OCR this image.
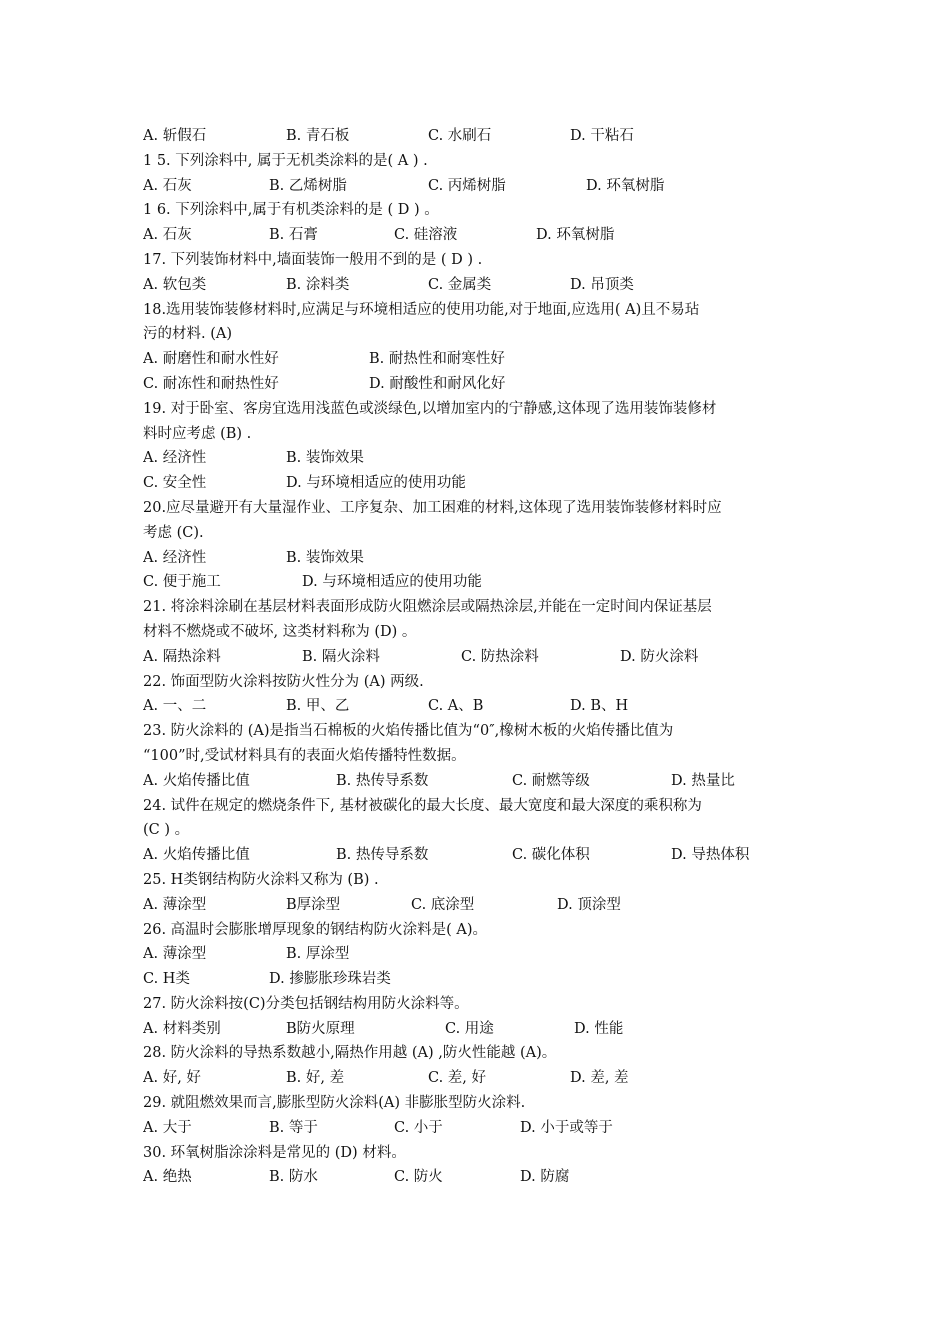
A. 斩假石	B. 青石板	C. 水刷石	D. 干粘石
1 5. 下列涂料中, 属于无机类涂料的是( A ) .
A. 石灰	B. 乙烯树脂	C. 丙烯树脂	D. 环氧树脂
1 6. 下列涂料中,属于有机类涂料的是 ( D ) 。
A. 石灰	B. 石膏	C. 硅溶液	D. 环氧树脂
17. 下列装饰材料中,墙面装饰一般用不到的是 ( D ) .
A. 软包类	B. 涂料类	C. 金属类	D. 吊顶类
18.选用装饰装修材料时,应满足与环境相适应的使用功能,对于地面,应选用( A)且不易玷
污的材料. (A)
A. 耐磨性和耐水性好	B. 耐热性和耐寒性好
C. 耐冻性和耐热性好	D. 耐酸性和耐风化好
19. 对于卧室、客房宜选用浅蓝色或淡绿色,以增加室内的宁静感,这体现了选用装饰装修材
料时应考虑 (B) .
A. 经济性	B. 装饰效果
C. 安全性	D. 与环境相适应的使用功能
20.应尽量避开有大量湿作业、工序复杂、加工困难的材料,这体现了选用装饰装修材料时应
考虑 (C).
A. 经济性	B. 装饰效果
C. 便于施工	D. 与环境相适应的使用功能
21. 将涂料涂刷在基层材料表面形成防火阻燃涂层或隔热涂层,并能在一定时间内保证基层
材料不燃烧或不破坏, 这类材料称为 (D) 。
A. 隔热涂料	B. 隔火涂料	C. 防热涂料	D. 防火涂料
22. 饰面型防火涂料按防火性分为 (A) 两级.
A. 一、二	B. 甲、乙	C. A、B	D. B、H
23. 防火涂料的 (A)是指当石棉板的火焰传播比值为“0″,橡树木板的火焰传播比值为
“100”时,受试材料具有的表面火焰传播特性数据。
A. 火焰传播比值	B. 热传导系数	C. 耐燃等级	D. 热量比
24. 试件在规定的燃烧条件下, 基材被碳化的最大长度、最大宽度和最大深度的乘积称为
(C ) 。
A. 火焰传播比值	B. 热传导系数	C. 碳化体积	D. 导热体积
25. H类钢结构防火涂料又称为 (B) .
A. 薄涂型	B厚涂型	C. 底涂型	D. 顶涂型
26. 高温时会膨胀增厚现象的钢结构防火涂料是( A)。
A. 薄涂型	B. 厚涂型
C. H类	D. 掺膨胀珍珠岩类
27. 防火涂料按(C)分类包括钢结构用防火涂料等。
A. 材料类别	B防火原理	C. 用途	D. 性能
28. 防火涂料的导热系数越小,隔热作用越 (A) ,防火性能越 (A)。
A. 好, 好	B. 好, 差	C. 差, 好	D. 差, 差
29. 就阻燃效果而言,膨胀型防火涂料(A) 非膨胀型防火涂料.
A. 大于	B. 等于	C. 小于	D. 小于或等于
30. 环氧树脂涂涂料是常见的 (D) 材料。
A. 绝热	B. 防水	C. 防火	D. 防腐
